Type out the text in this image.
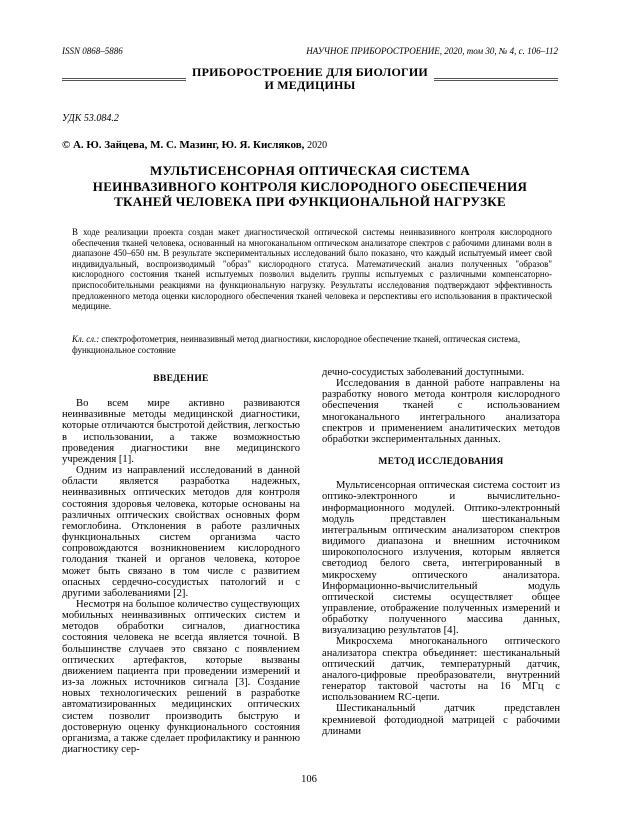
ISSN 0868–5886	НАУЧНОЕ ПРИБОРОСТРОЕНИЕ, 2020, том 30, № 4, c. 106–112
ПРИБОРОСТРОЕНИЕ ДЛЯ БИОЛОГИИ
И МЕДИЦИНЫ
УДК 53.084.2
© А. Ю. Зайцева, М. С. Мазинг, Ю. Я. Кисляков, 2020
МУЛЬТИСЕНСОРНАЯ ОПТИЧЕСКАЯ СИСТЕМА
НЕИНВАЗИВНОГО КОНТРОЛЯ КИСЛОРОДНОГО ОБЕСПЕЧЕНИЯ
ТКАНЕЙ ЧЕЛОВЕКА ПРИ ФУНКЦИОНАЛЬНОЙ НАГРУЗКЕ
В ходе реализации проекта создан макет диагностической оптической системы неинвазивного контроля кислородного обеспечения тканей человека, основанный на многоканальном оптическом анализаторе спектров с рабочими длинами волн в диапазоне 450–650 нм. В результате экспериментальных исследований было показано, что каждый испытуемый имеет свой индивидуальный, воспроизводимый "образ" кислородного статуса. Математический анализ полученных "образов" кислородного состояния тканей испытуемых позволил выделить группы испытуемых с различными компенсаторно-приспособительными реакциями на функциональную нагрузку. Результаты исследования подтверждают эффективность предложенного метода оценки кислородного обеспечения тканей человека и перспективы его использования в практической медицине.
Кл. сл.: спектрофотометрия, неинвазивный метод диагностики, кислородное обеспечение тканей, оптическая система, функциональное состояние
ВВЕДЕНИЕ

Во всем мире активно развиваются неинвазивные методы медицинской диагностики, которые отличаются быстротой действия, легкостью в использовании, а также возможностью проведения диагностики вне медицинского учреждения [1].

Одним из направлений исследований в данной области является разработка надежных, неинвазивных оптических методов для контроля состояния здоровья человека, которые основаны на различных оптических свойствах основных форм гемоглобина. Отклонения в работе различных функциональных систем организма часто сопровождаются возникновением кислородного голодания тканей и органов человека, которое может быть связано в том числе с развитием опасных сердечно-сосудистых патологий и с другими заболеваниями [2].

Несмотря на большое количество существующих мобильных неинвазивных оптических систем и методов обработки сигналов, диагностика состояния человека не всегда является точной. В большинстве случаев это связано с появлением оптических артефактов, которые вызваны движением пациента при проведении измерений и из-за ложных источников сигнала [3]. Создание новых технологических решений в разработке автоматизированных медицинских оптических систем позволит производить быструю и достоверную оценку функционального состояния организма, а также сделает профилактику и раннюю диагностику сер-

дечно-сосудистых заболеваний доступными.

Исследования в данной работе направлены на разработку нового метода контроля кислородного обеспечения тканей с использованием многоканального интегрального анализатора спектров и применением аналитических методов обработки экспериментальных данных.

МЕТОД ИССЛЕДОВАНИЯ

Мультисенсорная оптическая система состоит из оптико-электронного и вычислительно-информационного модулей. Оптико-электронный модуль представлен шестиканальным интегральным оптическим анализатором спектров видимого диапазона и внешним источником широкополосного излучения, которым является светодиод белого света, интегрированный в микросхему оптического анализатора. Информационно-вычислительный модуль оптической системы осуществляет общее управление, отображение полученных измерений и обработку полученного массива данных, визуализацию результатов [4].

Микросхема многоканального оптического анализатора спектра объединяет: шестиканальный оптический датчик, температурный датчик, аналого-цифровые преобразователи, внутренний генератор тактовой частоты на 16 МГц с использованием RC-цепи.

Шестиканальный датчик представлен кремниевой фотодиодной матрицей с рабочими длинами

106
